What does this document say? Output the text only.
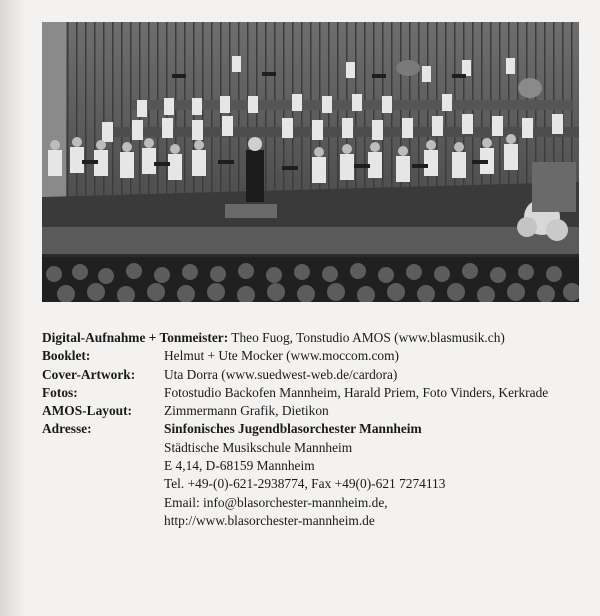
Digital-Aufnahme + Tonmeister: Theo Fuog, Tonstudio AMOS (www.blasmusik.ch)
Booklet:	Helmut + Ute Mocker (www.moccom.com)
Cover-Artwork: Uta Dorra (www.suedwest-web.de/cardora)
Fotos:	Fotostudio Backofen Mannheim, Harald Priem, Foto Vinders, Kerkrade
AMOS-Layout: Zimmermann Grafik, Dietikon
Adresse:	Sinfonisches Jugendblasorchester Mannheim
Städtische Musikschule Mannheim
E 4,14, D-68159 Mannheim
Tel. +49-(0)-621-2938774, Fax +49(0)-621 7274113
Email: info@blasorchester-mannheim.de,
http://www.blasorchester-mannheim.de
